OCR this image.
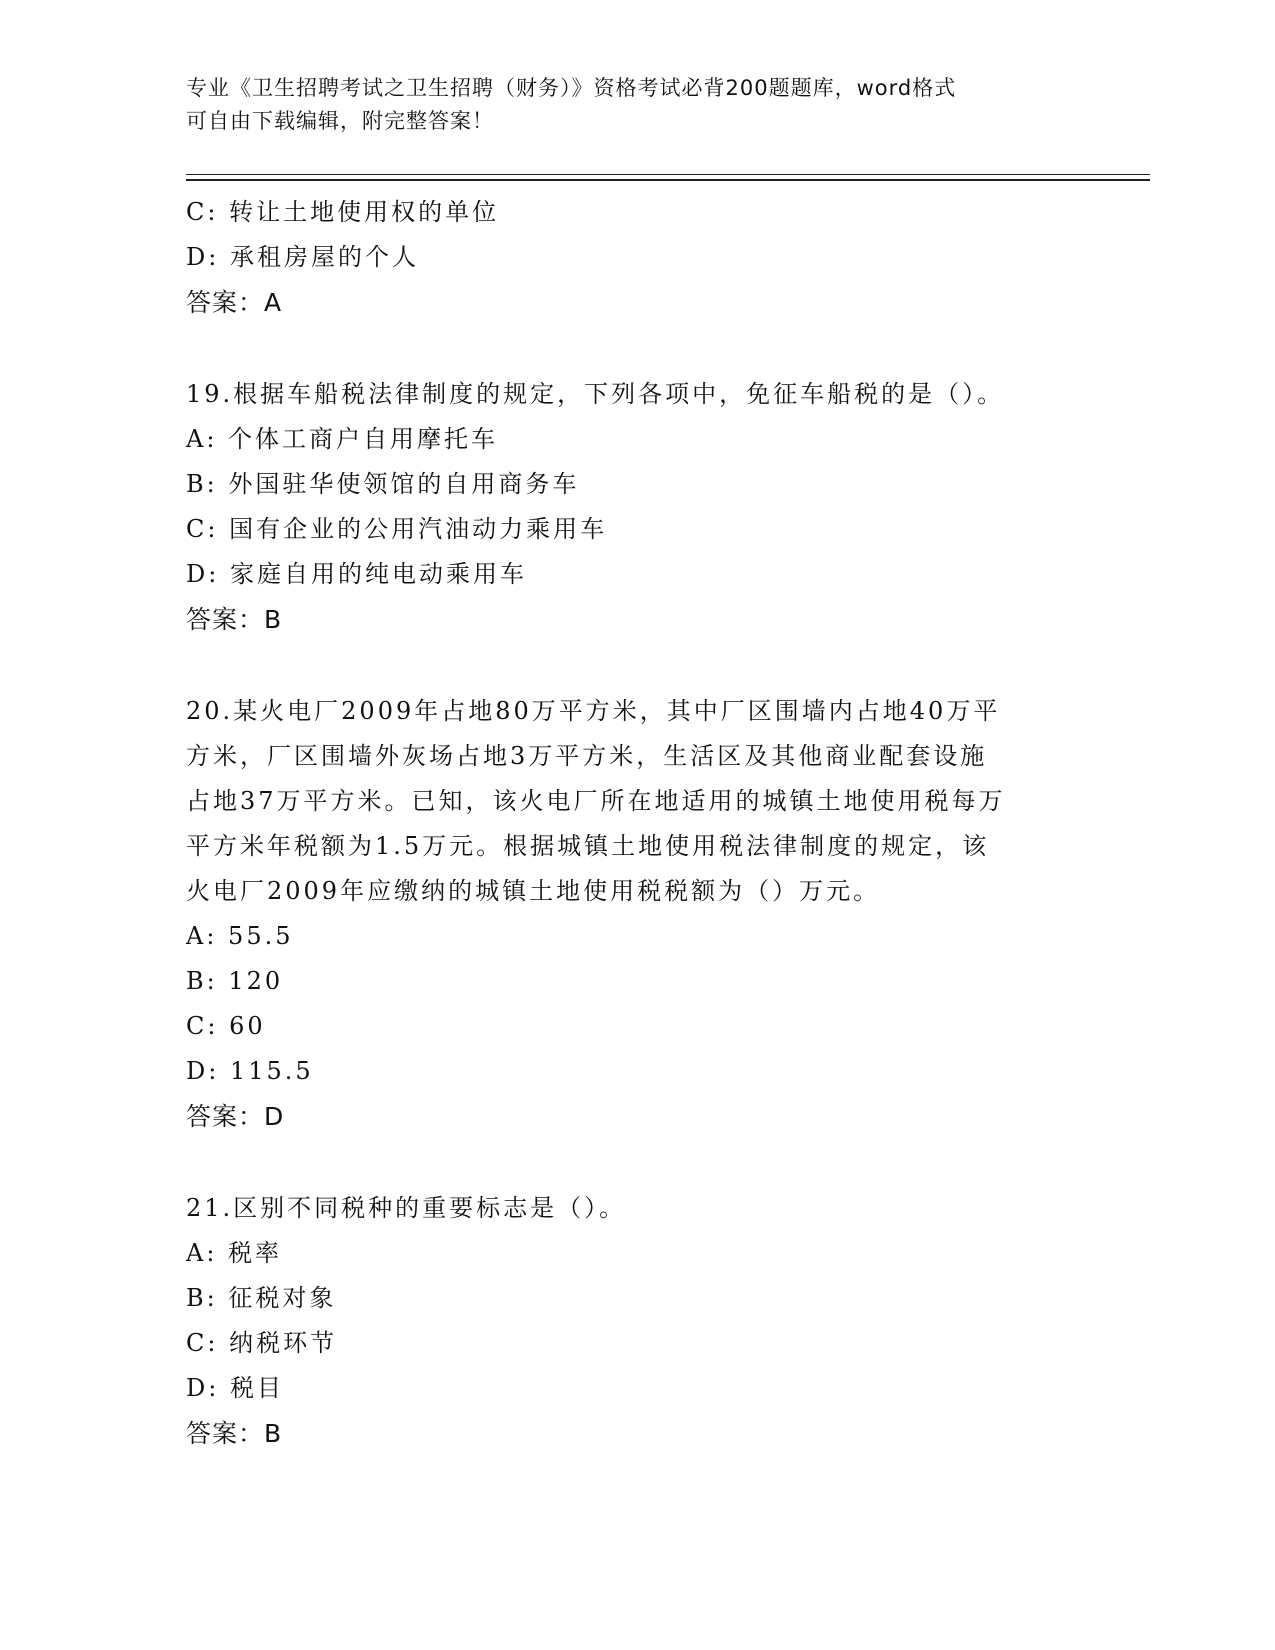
专业《卫生招聘考试之卫生招聘（财务）》资格考试必背200题题库，word格式
可自由下载编辑，附完整答案！
C: 转让土地使用权的单位
D: 承租房屋的个人
答案：A
19.根据车船税法律制度的规定，下列各项中，免征车船税的是（）。
A: 个体工商户自用摩托车
B: 外国驻华使领馆的自用商务车
C: 国有企业的公用汽油动力乘用车
D: 家庭自用的纯电动乘用车
答案：B
20.某火电厂2009年占地80万平方米，其中厂区围墙内占地40万平
方米，厂区围墙外灰场占地3万平方米，生活区及其他商业配套设施
占地37万平方米。已知，该火电厂所在地适用的城镇土地使用税每万
平方米年税额为1.5万元。根据城镇土地使用税法律制度的规定，该
火电厂2009年应缴纳的城镇土地使用税税额为（）万元。
A: 55.5
B: 120
C: 60
D: 115.5
答案：D
21.区别不同税种的重要标志是（）。
A: 税率
B: 征税对象
C: 纳税环节
D: 税目
答案：B
